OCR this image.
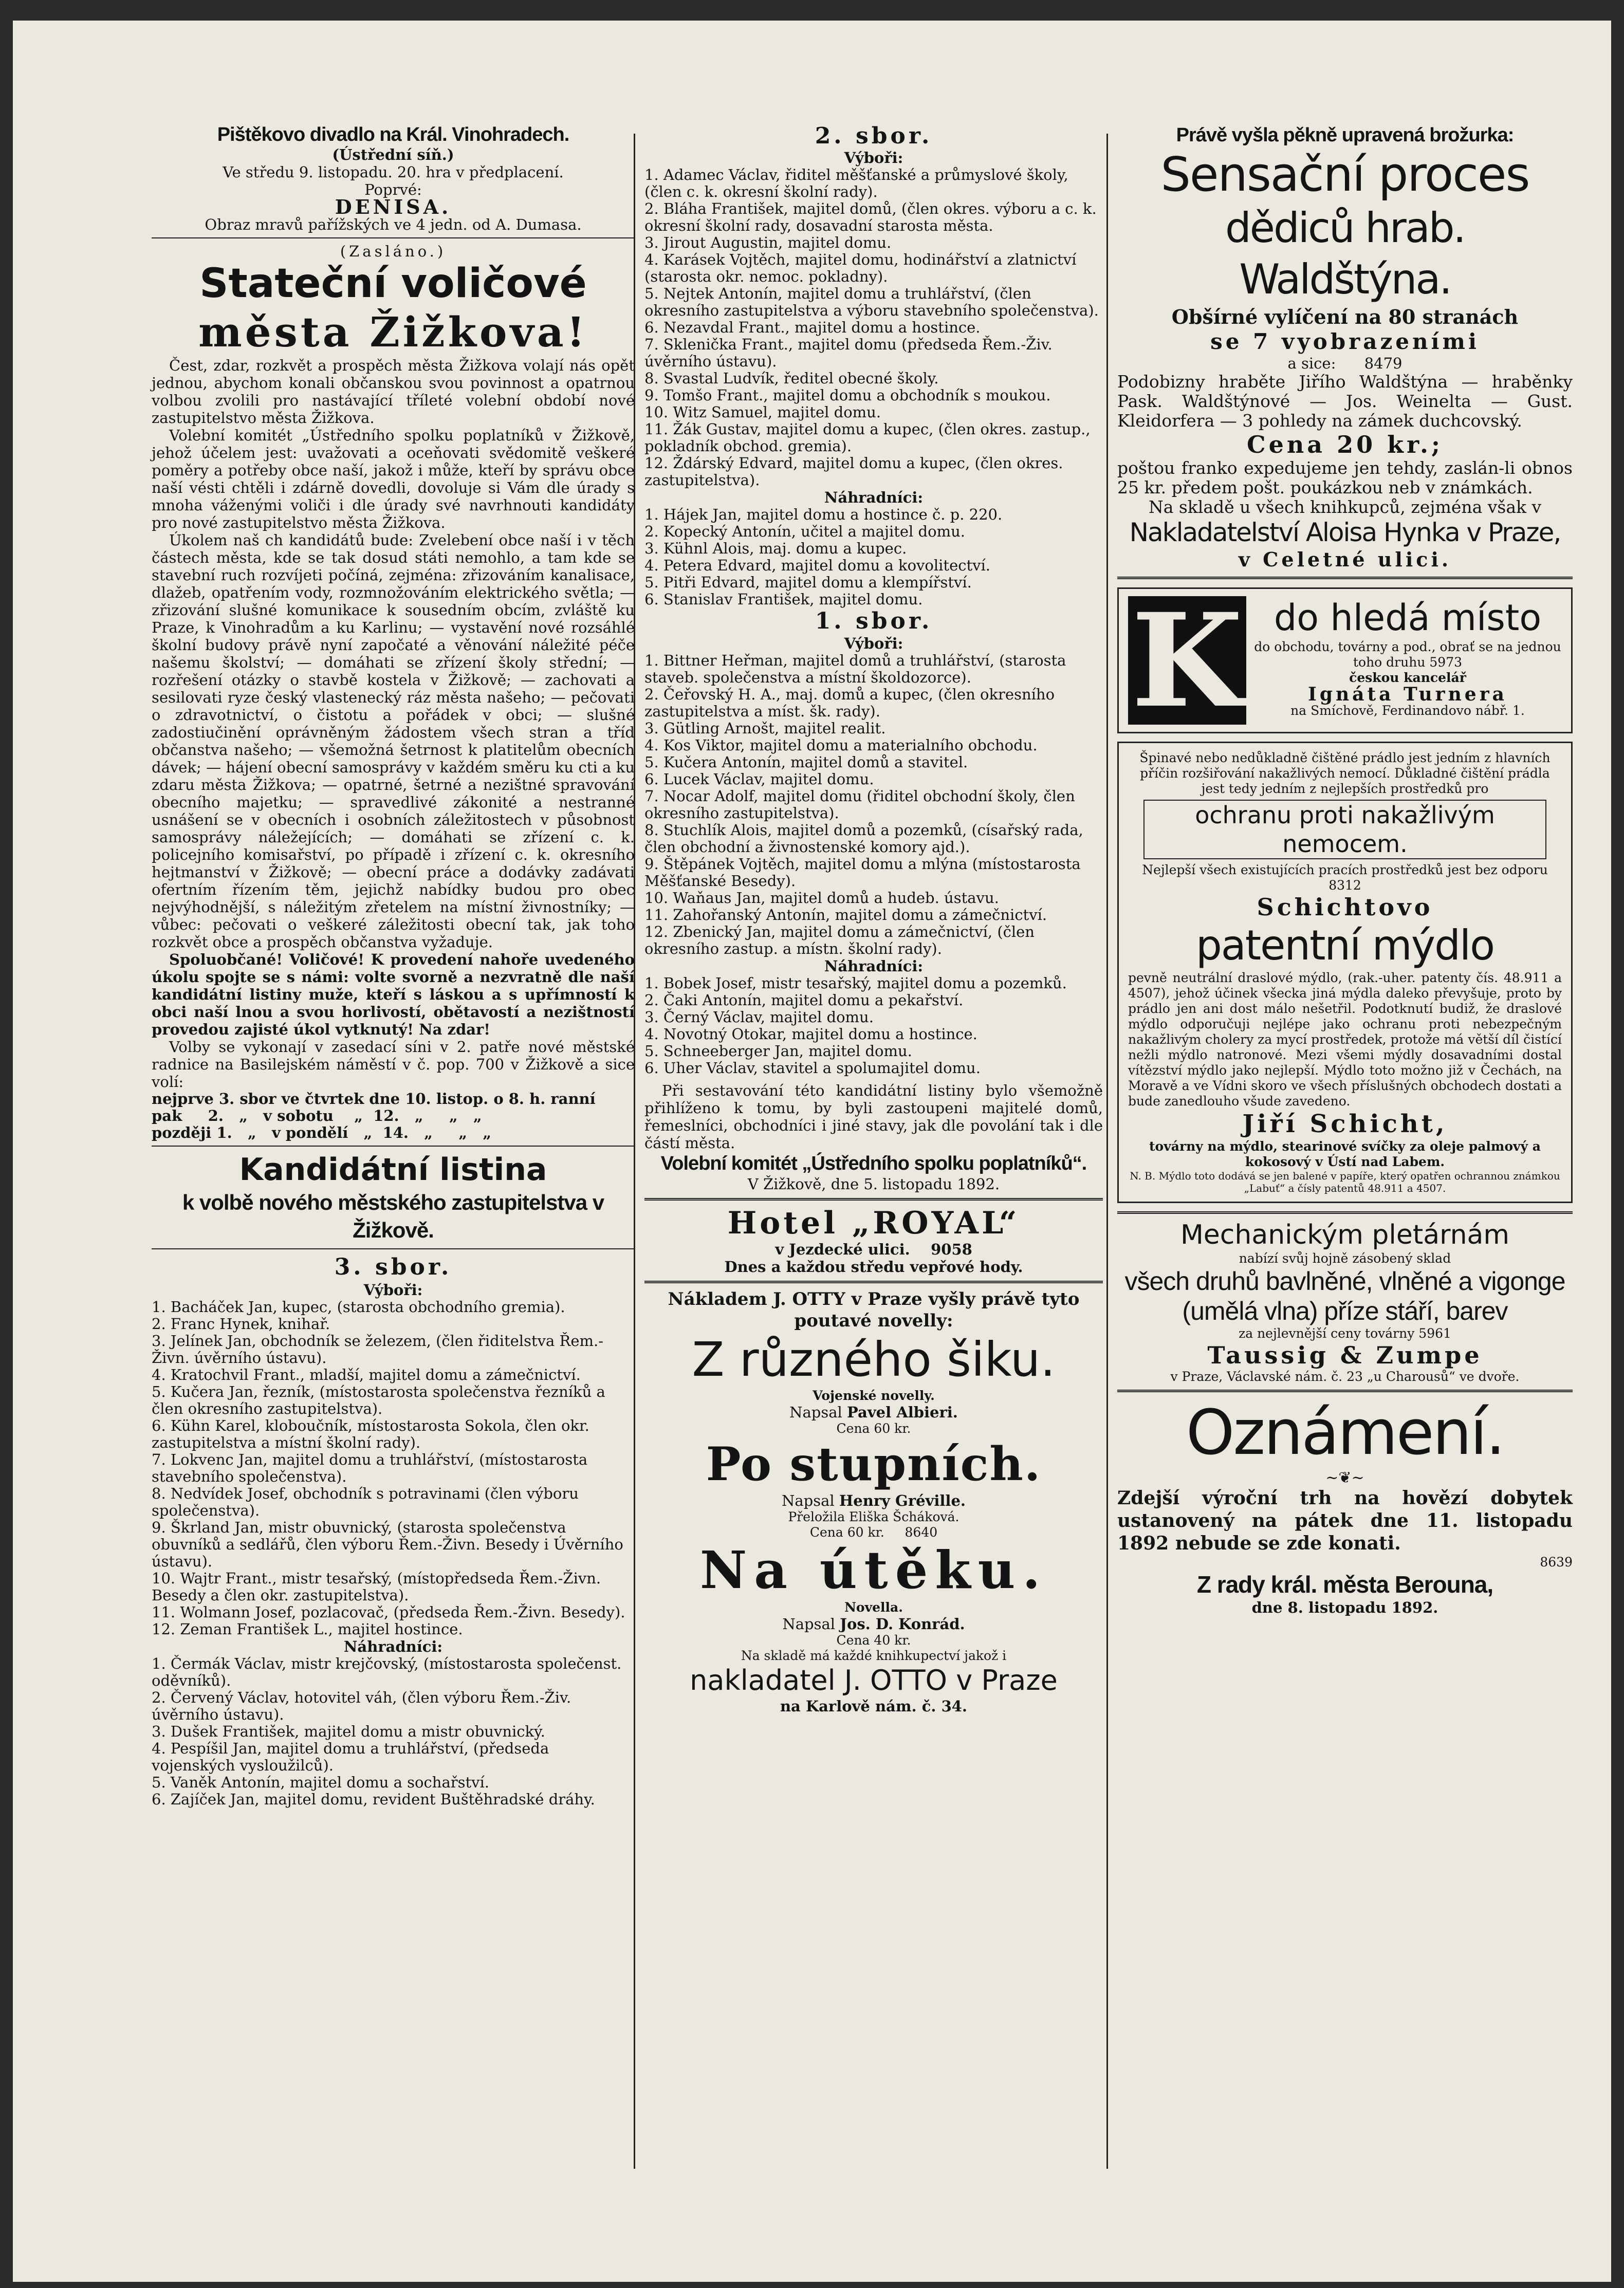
Pištěkovo divadlo na Král. Vinohradech.

(Ústřední síň.)

Ve středu 9. listopadu. 20. hra v předplacení.

Poprvé:

DENISA.

Obraz mravů pařížských ve 4 jedn. od A. Dumasa.

(Zasláno.)

Stateční voličové

města Žižkova!

Čest, zdar, rozkvět a prospěch města Žižkova volají nás opět jednou, abychom konali občanskou svou povinnost a opatrnou volbou zvolili pro nastávající tříleté volební období nové zastupitelstvo města Žižkova.

Volební komitét „Ústředního spolku poplatníků v Žižkově, jehož účelem jest: uvažovati a oceňovati svědomitě veškeré poměry a potřeby obce naší, jakož i může, kteří by správu obce naší vésti chtěli i zdárně dovedli, dovoluje si Vám dle úrady s mnoha váženými voliči i dle úrady své navrhnouti kandidáty pro nové zastupitelstvo města Žižkova.

Úkolem naš ch kandidátů bude: Zvelebení obce naší i v těch částech města, kde se tak dosud státi nemohlo, a tam kde se stavební ruch rozvíjeti počíná, zejména: zřizováním kanalisace, dlažeb, opatřením vody, rozmnožováním elektrického světla; — zřizování slušné komunikace k sousedním obcím, zvláště ku Praze, k Vinohradům a ku Karlinu; — vystavění nové rozsáhlé školní budovy právě nyní započaté a věnování náležité péče našemu školství; — domáhati se zřízení školy střední; — rozřešení otázky o stavbě kostela v Žižkově; — zachovati a sesilovati ryze český vlastenecký ráz města našeho; — pečovati o zdravotnictví, o čistotu a pořádek v obci; — slušné zadostiučinění oprávněným žádostem všech stran a tříd občanstva našeho; — všemožná šetrnost k platitelům obecních dávek; — hájení obecní samosprávy v každém směru ku cti a ku zdaru města Žižkova; — opatrné, šetrné a nezištné spravování obecního majetku; — spravedlivé zákonité a nestranné usnášení se v obecních i osobních záležitostech v působnost samosprávy náležejících; — domáhati se zřízení c. k. policejního komisařství, po případě i zřízení c. k. okresního hejtmanství v Žižkově; — obecní práce a dodávky zadávati ofertním řízením těm, jejichž nabídky budou pro obec nejvýhodnější, s náležitým zřetelem na místní živnostníky; — vůbec: pečovati o veškeré záležitosti obecní tak, jak toho rozkvět obce a prospěch občanstva vyžaduje.

Spoluobčané! Voličové! K provedení nahoře uvedeného úkolu spojte se s námi: volte svorně a nezvratně dle naší kandidátní listiny muže, kteří s láskou a s upřímností k obci naší lnou a svou horlivostí, obětavostí a nezištností provedou zajisté úkol vytknutý! Na zdar!

Volby se vykonají v zasedací síni v 2. patře nové městské radnice na Basilejském náměstí v č. pop. 700 v Žižkově a sice volí:

nejprve 3. sbor ve čtvrtek dne 10. listop. o 8. h. ranní

pak     2.   „   v sobotu    „  12.   „     „   „

později 1.   „   v pondělí   „  14.   „     „   „

Kandidátní listina

k volbě nového městského zastupitelstva v Žižkově.

3. sbor.

Výboři:

1. Bacháček Jan, kupec, (starosta obchodního gremia).

2. Franc Hynek, knihař.

3. Jelínek Jan, obchodník se železem, (člen řiditelstva Řem.-Živn. úvěrního ústavu).

4. Kratochvil Frant., mladší, majitel domu a zámečnictví.

5. Kučera Jan, řezník, (místostarosta společenstva řezníků a člen okresního zastupitelstva).

6. Kühn Karel, kloboučník, místostarosta Sokola, člen okr. zastupitelstva a místní školní rady).

7. Lokvenc Jan, majitel domu a truhlářství, (místostarosta stavebního společenstva).

8. Nedvídek Josef, obchodník s potravinami (člen výboru společenstva).

9. Škrland Jan, mistr obuvnický, (starosta společenstva obuvníků a sedlářů, člen výboru Řem.-Živn. Besedy i Úvěrního ústavu).

10. Wajtr Frant., mistr tesařský, (místopředseda Řem.-Živn. Besedy a člen okr. zastupitelstva).

11. Wolmann Josef, pozlacovač, (předseda Řem.-Živn. Besedy).

12. Zeman František L., majitel hostince.

Náhradníci:

1. Čermák Václav, mistr krejčovský, (místostarosta společenst. oděvníků).

2. Červený Václav, hotovitel váh, (člen výboru Řem.-Živ. úvěrního ústavu).

3. Dušek František, majitel domu a mistr obuvnický.

4. Pespíšil Jan, majitel domu a truhlářství, (předseda vojenských vysloužilců).

5. Vaněk Antonín, majitel domu a sochařství.

6. Zajíček Jan, majitel domu, revident Buštěhradské dráhy.

2. sbor.

Výboři:

1. Adamec Václav, řiditel měšťanské a průmyslové školy, (člen c. k. okresní školní rady).

2. Bláha František, majitel domů, (člen okres. výboru a c. k. okresní školní rady, dosavadní starosta města.

3. Jirout Augustin, majitel domu.

4. Karásek Vojtěch, majitel domu, hodinářství a zlatnictví (starosta okr. nemoc. pokladny).

5. Nejtek Antonín, majitel domu a truhlářství, (člen okresního zastupitelstva a výboru stavebního společenstva).

6. Nezavdal Frant., majitel domu a hostince.

7. Sklenička Frant., majitel domu (předseda Řem.-Živ. úvěrního ústavu).

8. Svastal Ludvík, ředitel obecné školy.

9. Tomšo Frant., majitel domu a obchodník s moukou.

10. Witz Samuel, majitel domu.

11. Žák Gustav, majitel domu a kupec, (člen okres. zastup., pokladník obchod. gremia).

12. Ždárský Edvard, majitel domu a kupec, (člen okres. zastupitelstva).

Náhradníci:

1. Hájek Jan, majitel domu a hostince č. p. 220.

2. Kopecký Antonín, učitel a majitel domu.

3. Kühnl Alois, maj. domu a kupec.

4. Petera Edvard, majitel domu a kovolitectví.

5. Pitři Edvard, majitel domu a klempířství.

6. Stanislav František, majitel domu.

1. sbor.

Výboři:

1. Bittner Heřman, majitel domů a truhlářství, (starosta staveb. společenstva a místní školdozorce).

2. Čeřovský H. A., maj. domů a kupec, (člen okresního zastupitelstva a míst. šk. rady).

3. Gütling Arnošt, majitel realit.

4. Kos Viktor, majitel domu a materialního obchodu.

5. Kučera Antonín, majitel domů a stavitel.

6. Lucek Václav, majitel domu.

7. Nocar Adolf, majitel domu (řiditel obchodní školy, člen okresního zastupitelstva).

8. Stuchlík Alois, majitel domů a pozemků, (císařský rada, člen obchodní a živnostenské komory ajd.).

9. Štěpánek Vojtěch, majitel domu a mlýna (místostarosta Měšťanské Besedy).

10. Waňaus Jan, majitel domů a hudeb. ústavu.

11. Zahořanský Antonín, majitel domu a zámečnictví.

12. Zbenický Jan, majitel domu a zámečnictví, (člen okresního zastup. a místn. školní rady).

Náhradníci:

1. Bobek Josef, mistr tesařský, majitel domu a pozemků.

2. Čaki Antonín, majitel domu a pekařství.

3. Černý Václav, majitel domu.

4. Novotný Otokar, majitel domu a hostince.

5. Schneeberger Jan, majitel domu.

6. Uher Václav, stavitel a spolumajitel domu.

Při sestavování této kandidátní listiny bylo všemožně přihlíženo k tomu, by byli zastoupeni majitelé domů, řemeslníci, obchodníci i jiné stavy, jak dle povolání tak i dle částí města.

Volební komitét „Ústředního spolku poplatníků“.

V Žižkově, dne 5. listopadu 1892.

Hotel „ROYAL“

v Jezdecké ulici. 9058

Dnes a každou středu vepřové hody.

Nákladem J. OTTY v Praze vyšly právě tyto poutavé novelly:

Z různého šiku.

Vojenské novelly.

Napsal Pavel Albieri.

Cena 60 kr.

Po stupních.

Napsal Henry Gréville.

Přeložila Eliška Šcháková.

Cena 60 kr. 8640

Na útěku.

Novella.

Napsal Jos. D. Konrád.

Cena 40 kr.

Na skladě má každé knihkupectví jakož i

nakladatel J. OTTO v Praze

na Karlově nám. č. 34.

Právě vyšla pěkně upravená brožurka:

Sensační proces

dědiců hrab. Waldštýna.

Obšírné vylíčení na 80 stranách

se 7 vyobrazeními

a sice: 8479

Podobizny hraběte Jiřího Waldštýna — hraběnky Pask. Waldštýnové — Jos. Weinelta — Gust. Kleidorfera — 3 pohledy na zámek duchcovský.

Cena 20 kr.;

poštou franko expedujeme jen tehdy, zaslán-li obnos 25 kr. předem pošt. poukázkou neb v známkách.

Na skladě u všech knihkupců, zejména však v

Nakladatelství Aloisa Hynka v Praze,

v Celetné ulici.

K do hledá místo

do obchodu, továrny a pod., obrať se na jednou toho druhu 5973

českou kancelář

Ignáta Turnera

na Smíchově, Ferdinandovo nábř. 1.

Špinavé nebo nedůkladně čištěné prádlo jest jedním z hlavních příčin rozšiřování nakažlivých nemocí. Důkladné čištění prádla jest tedy jedním z nejlepších prostředků pro

ochranu proti nakažlivým nemocem.

Nejlepší všech existujících pracích prostředků jest bez odporu 8312

Schichtovo

patentní mýdlo

pevně neutrální draslové mýdlo, (rak.-uher. patenty čís. 48.911 a 4507), jehož účinek všecka jiná mýdla daleko převyšuje, proto by prádlo jen ani dost málo nešetřil. Podotknutí budiž, že draslové mýdlo odporučuji nejlépe jako ochranu proti nebezpečným nakažlivým cholery za mycí prostředek, protože má větší díl čistící nežli mýdlo natronové. Mezi všemi mýdly dosavadními dostal vítězství mýdlo jako nejlepší. Mýdlo toto možno již v Čechách, na Moravě a ve Vídni skoro ve všech příslušných obchodech dostati a bude zanedlouho všude zavedeno.

Jiří Schicht,

továrny na mýdlo, stearinové svíčky za oleje palmový a kokosový v Ústí nad Labem.

N. B. Mýdlo toto dodává se jen balené v papíře, který opatřen ochrannou známkou „Labuť“ a čísly patentů 48.911 a 4507.

Mechanickým pletárnám

nabízí svůj hojně zásobený sklad

všech druhů bavlněné, vlněné a vigonge (umělá vlna) příze stáří, barev

za nejlevnější ceny továrny 5961

Taussig & Zumpe

v Praze, Václavské nám. č. 23 „u Charousů“ ve dvoře.

Oznámení.

~❦~

Zdejší výroční trh na hovězí dobytek ustanovený na pátek dne 11. listopadu 1892 nebude se zde konati.

8639

Z rady král. města Berouna,

dne 8. listopadu 1892.
